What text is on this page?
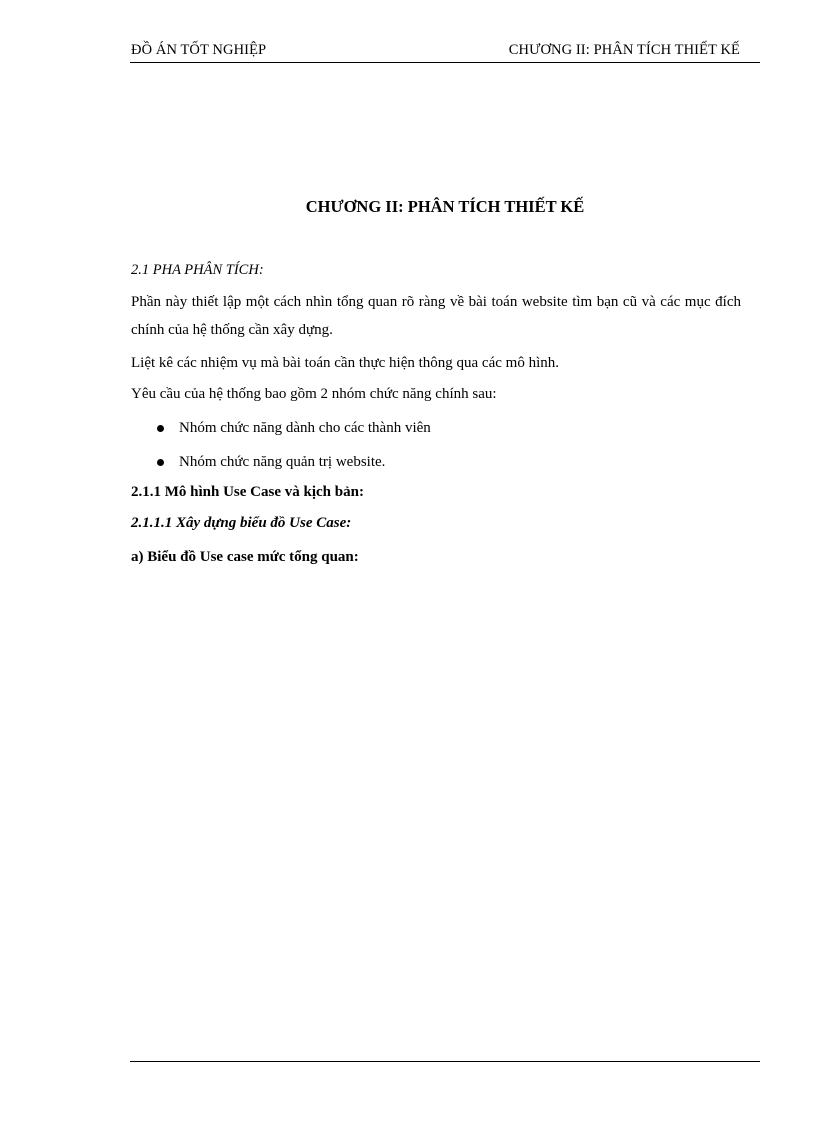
ĐỒ ÁN TỐT NGHIỆP	CHƯƠNG II: PHÂN TÍCH THIẾT KẾ
CHƯƠNG II: PHÂN TÍCH THIẾT KẾ
2.1 PHA PHÂN TÍCH:
Phần này thiết lập một cách nhìn tổng quan rõ ràng về bài toán website tìm bạn cũ và các mục đích chính của hệ thống cần xây dựng.
Liệt kê các nhiệm vụ mà bài toán cần thực hiện thông qua các mô hình.
Yêu cầu của hệ thống bao gồm 2 nhóm chức năng chính sau:
Nhóm chức năng dành cho các thành viên
Nhóm chức năng quản trị website.
2.1.1 Mô hình Use Case và kịch bản:
2.1.1.1 Xây dựng biểu đồ Use Case:
a) Biểu đồ Use case mức tổng quan:
